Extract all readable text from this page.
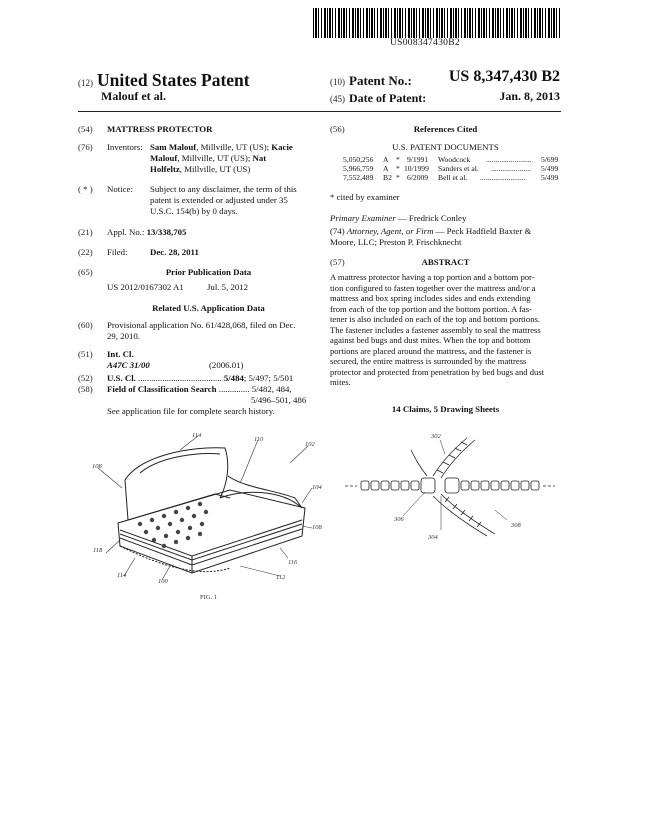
US008347430B2
(12) United States Patent
Malouf et al.
(10) Patent No.: US 8,347,430 B2
(45) Date of Patent:	Jan. 8, 2013
(54) MATTRESS PROTECTOR
(76) Inventors: Sam Malouf, Millville, UT (US); Kacie
Malouf, Millville, UT (US); Nat
Holfeltz, Millville, UT (US)
( * ) Notice: Subject to any disclaimer, the term of this
patent is extended or adjusted under 35
U.S.C. 154(b) by 0 days.
(21) Appl. No.: 13/338,705
(22) Filed:	Dec. 28, 2011
(65)	Prior Publication Data
US 2012/0167302 A1	Jul. 5, 2012
Related U.S. Application Data
(60) Provisional application No. 61/428,068, filed on Dec.
29, 2010.
(51) Int. Cl.
A47C 31/00	(2006.01)
(52) U.S. Cl. ...................................... 5/484; 5/497; 5/501
(58) Field of Classification Search .............. 5/482, 484,
5/496–501, 486
See application file for complete search history.
(56)	References Cited
U.S. PATENT DOCUMENTS
5,050,256 A * 9/1991 Woodcock ........................ 5/699
5,966,759 A * 10/1999 Sanders et al. ..................... 5/499
7,552,489 B2 * 6/2009 Bell et al. ........................ 5/499
* cited by examiner
Primary Examiner — Fredrick Conley
(74) Attorney, Agent, or Firm — Peck Hadfield Baxter &
Moore, LLC; Preston P. Frischknecht
(57)	ABSTRACT
A mattress protector having a top portion and a bottom por-
tion configured to fasten together over the mattress and/or a
mattress and box spring includes sides and ends extending
from each of the top portion and the bottom portion. A fas-
tener is also included on each of the top and bottom portions.
The fastener includes a fastener assembly to seal the mattress
against bed bugs and dust mites. When the top and bottom
portions are placed around the mattress, and the fastener is
secured, the entire mattress is surrounded by the mattress
protector and protected from penetration by bed bugs and dust
mites.
14 Claims, 5 Drawing Sheets
114
110
102
108
104
108
118
116
114
100
112
FIG. 1
302
306
304
308
